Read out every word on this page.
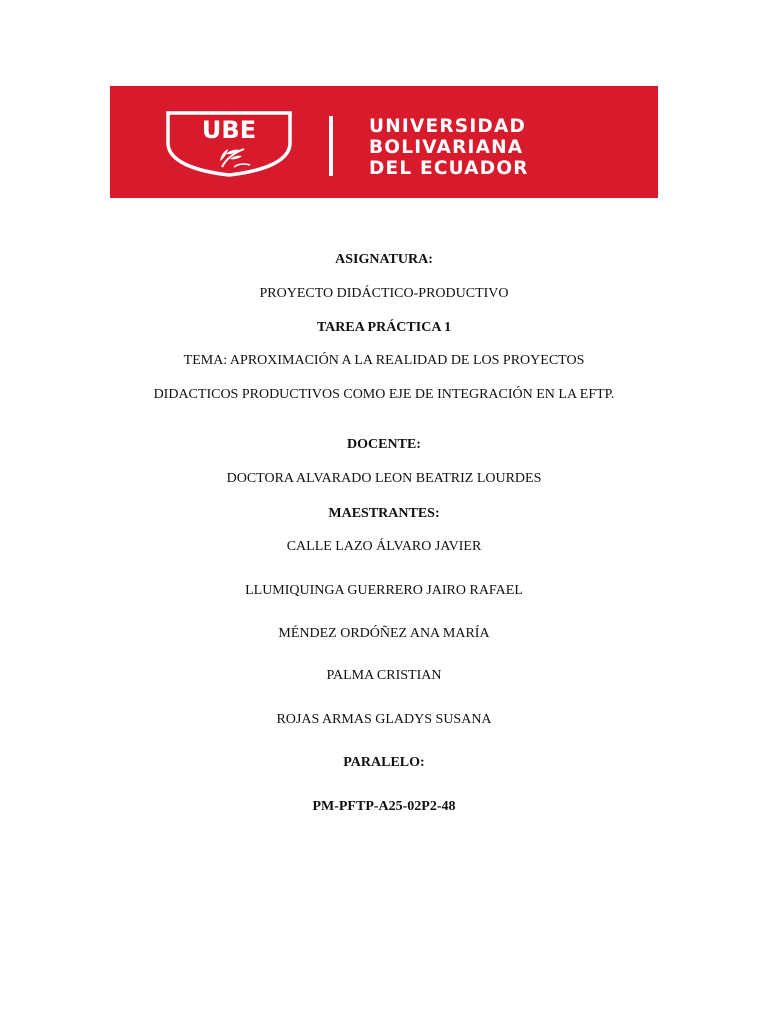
UBE	UNIVERSIDAD
BOLIVARIANA
DEL ECUADOR
ASIGNATURA:
PROYECTO DIDÁCTICO-PRODUCTIVO
TAREA PRÁCTICA 1
TEMA: APROXIMACIÓN A LA REALIDAD DE LOS PROYECTOS
DIDACTICOS PRODUCTIVOS COMO EJE DE INTEGRACIÓN EN LA EFTP.
DOCENTE:
DOCTORA ALVARADO LEON BEATRIZ LOURDES
MAESTRANTES:
CALLE LAZO ÁLVARO JAVIER
LLUMIQUINGA GUERRERO JAIRO RAFAEL
MÉNDEZ ORDÓÑEZ ANA MARÍA
PALMA CRISTIAN
ROJAS ARMAS GLADYS SUSANA
PARALELO:
PM-PFTP-A25-02P2-48
